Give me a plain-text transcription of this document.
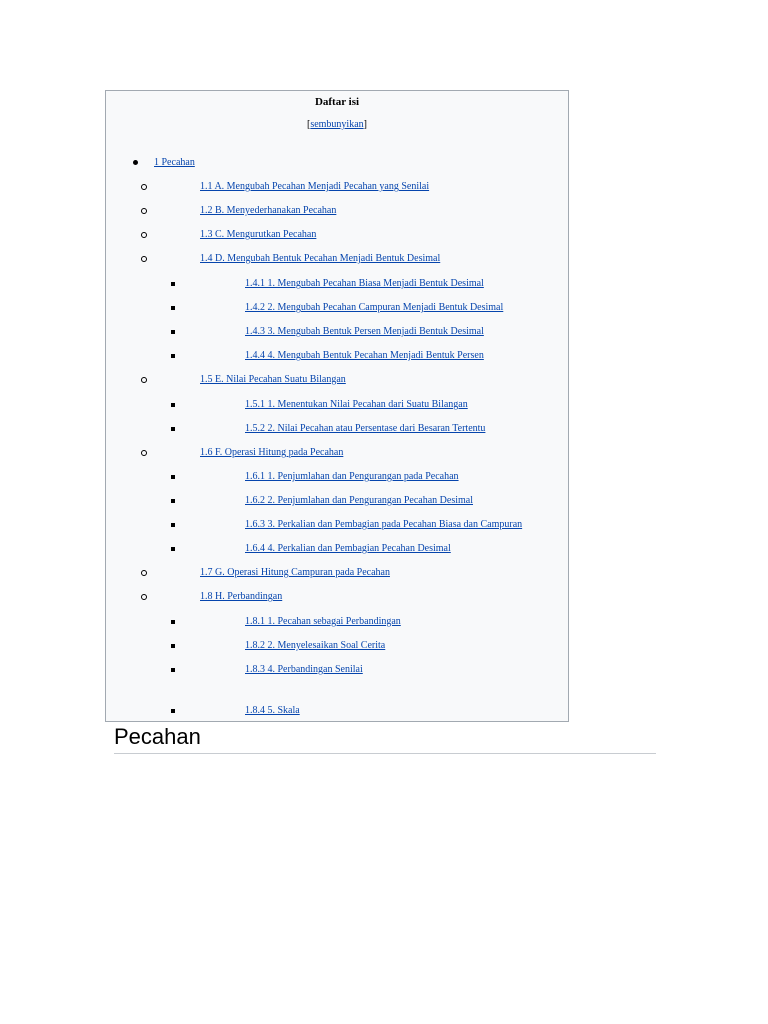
Daftar isi
[sembunyikan]
1 Pecahan
1.1 A. Mengubah Pecahan Menjadi Pecahan yang Senilai
1.2 B. Menyederhanakan Pecahan
1.3 C. Mengurutkan Pecahan
1.4 D. Mengubah Bentuk Pecahan Menjadi Bentuk Desimal
1.4.1 1. Mengubah Pecahan Biasa Menjadi Bentuk Desimal
1.4.2 2. Mengubah Pecahan Campuran Menjadi Bentuk Desimal
1.4.3 3. Mengubah Bentuk Persen Menjadi Bentuk Desimal
1.4.4 4. Mengubah Bentuk Pecahan Menjadi Bentuk Persen
1.5 E. Nilai Pecahan Suatu Bilangan
1.5.1 1. Menentukan Nilai Pecahan dari Suatu Bilangan
1.5.2 2. Nilai Pecahan atau Persentase dari Besaran Tertentu
1.6 F. Operasi Hitung pada Pecahan
1.6.1 1. Penjumlahan dan Pengurangan pada Pecahan
1.6.2 2. Penjumlahan dan Pengurangan Pecahan Desimal
1.6.3 3. Perkalian dan Pembagian pada Pecahan Biasa dan Campuran
1.6.4 4. Perkalian dan Pembagian Pecahan Desimal
1.7 G. Operasi Hitung Campuran pada Pecahan
1.8 H. Perbandingan
1.8.1 1. Pecahan sebagai Perbandingan
1.8.2 2. Menyelesaikan Soal Cerita
1.8.3 4. Perbandingan Senilai
1.8.4 5. Skala
Pecahan
